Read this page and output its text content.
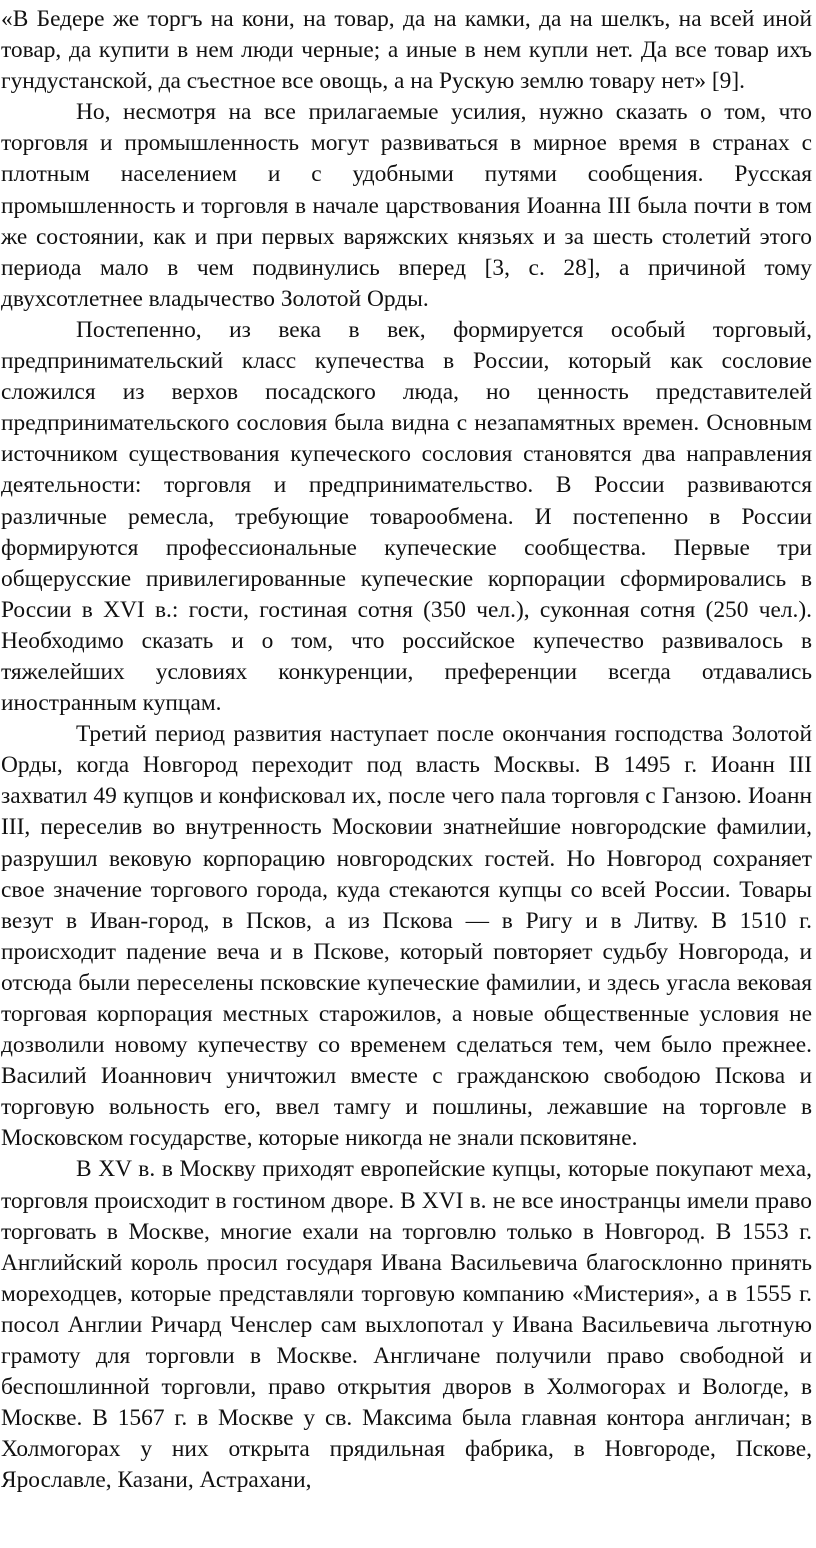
«В Бедере же торгъ на кони, на товар, да на камки, да на шелкъ, на всей иной товар, да купити в нем люди черные; а иные в нем купли нет. Да все товар ихъ гундустанской, да съестное все овощь, а на Рускую землю товару нет» [9].

Но, несмотря на все прилагаемые усилия, нужно сказать о том, что торговля и промышленность могут развиваться в мирное время в странах с плотным населением и с удобными путями сообщения. Русская промышленность и торговля в начале царствования Иоанна III была почти в том же состоянии, как и при первых варяжских князьях и за шесть столетий этого периода мало в чем подвинулись вперед [3, с. 28], а причиной тому двухсотлетнее владычество Золотой Орды.

Постепенно, из века в век, формируется особый торговый, предпринимательский класс купечества в России, который как сословие сложился из верхов посадского люда, но ценность представителей предпринимательского сословия была видна с незапамятных времен. Основным источником существования купеческого сословия становятся два направления деятельности: торговля и предпринимательство. В России развиваются различные ремесла, требующие товарообмена. И постепенно в России формируются профессиональные купеческие сообщества. Первые три общерусские привилегированные купеческие корпорации сформировались в России в XVI в.: гости, гостиная сотня (350 чел.), суконная сотня (250 чел.). Необходимо сказать и о том, что российское купечество развивалось в тяжелейших условиях конкуренции, преференции всегда отдавались иностранным купцам.

Третий период развития наступает после окончания господства Золотой Орды, когда Новгород переходит под власть Москвы. В 1495 г. Иоанн III захватил 49 купцов и конфисковал их, после чего пала торговля с Ганзою. Иоанн III, переселив во внутренность Московии знатнейшие новгородские фамилии, разрушил вековую корпорацию новгородских гостей. Но Новгород сохраняет свое значение торгового города, куда стекаются купцы со всей России. Товары везут в Иван-город, в Псков, а из Пскова — в Ригу и в Литву. В 1510 г. происходит падение веча и в Пскове, который повторяет судьбу Новгорода, и отсюда были переселены псковские купеческие фамилии, и здесь угасла вековая торговая корпорация местных старожилов, а новые общественные условия не дозволили новому купечеству со временем сделаться тем, чем было прежнее. Василий Иоаннович уничтожил вместе с гражданскою свободою Пскова и торговую вольность его, ввел тамгу и пошлины, лежавшие на торговле в Московском государстве, которые никогда не знали псковитяне.

В XV в. в Москву приходят европейские купцы, которые покупают меха, торговля происходит в гостином дворе. В XVI в. не все иностранцы имели право торговать в Москве, многие ехали на торговлю только в Новгород. В 1553 г. Английский король просил государя Ивана Васильевича благосклонно принять мореходцев, которые представляли торговую компанию «Мистерия», а в 1555 г. посол Англии Ричард Ченслер сам выхлопотал у Ивана Васильевича льготную грамоту для торговли в Москве. Англичане получили право свободной и беспошлинной торговли, право открытия дворов в Холмогорах и Вологде, в Москве. В 1567 г. в Москве у св. Максима была главная контора англичан; в Холмогорах у них открыта прядильная фабрика, в Новгороде, Пскове, Ярославле, Казани, Астрахани,
